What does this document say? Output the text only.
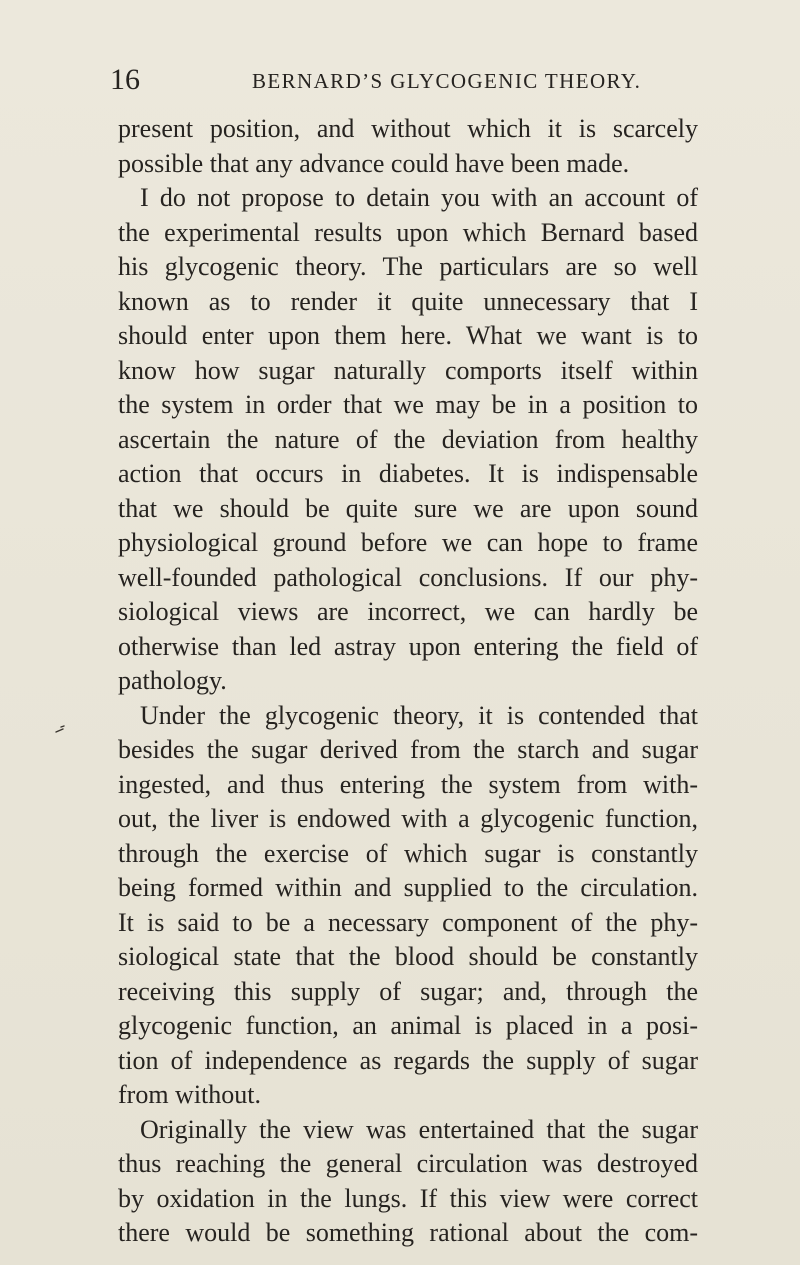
16	BERNARD’S GLYCOGENIC THEORY.
present position, and without which it is scarcely
possible that any advance could have been made.
I do not propose to detain you with an account of
the experimental results upon which Bernard based
his glycogenic theory. The particulars are so well
known as to render it quite unnecessary that I
should enter upon them here. What we want is to
know how sugar naturally comports itself within
the system in order that we may be in a position to
ascertain the nature of the deviation from healthy
action that occurs in diabetes. It is indispensable
that we should be quite sure we are upon sound
physiological ground before we can hope to frame
well-founded pathological conclusions. If our phy-
siological views are incorrect, we can hardly be
otherwise than led astray upon entering the field of
pathology.
Under the glycogenic theory, it is contended that
besides the sugar derived from the starch and sugar
ingested, and thus entering the system from with-
out, the liver is endowed with a glycogenic function,
through the exercise of which sugar is constantly
being formed within and supplied to the circulation.
It is said to be a necessary component of the phy-
siological state that the blood should be constantly
receiving this supply of sugar; and, through the
glycogenic function, an animal is placed in a posi-
tion of independence as regards the supply of sugar
from without.
Originally the view was entertained that the sugar
thus reaching the general circulation was destroyed
by oxidation in the lungs. If this view were correct
there would be something rational about the com-
